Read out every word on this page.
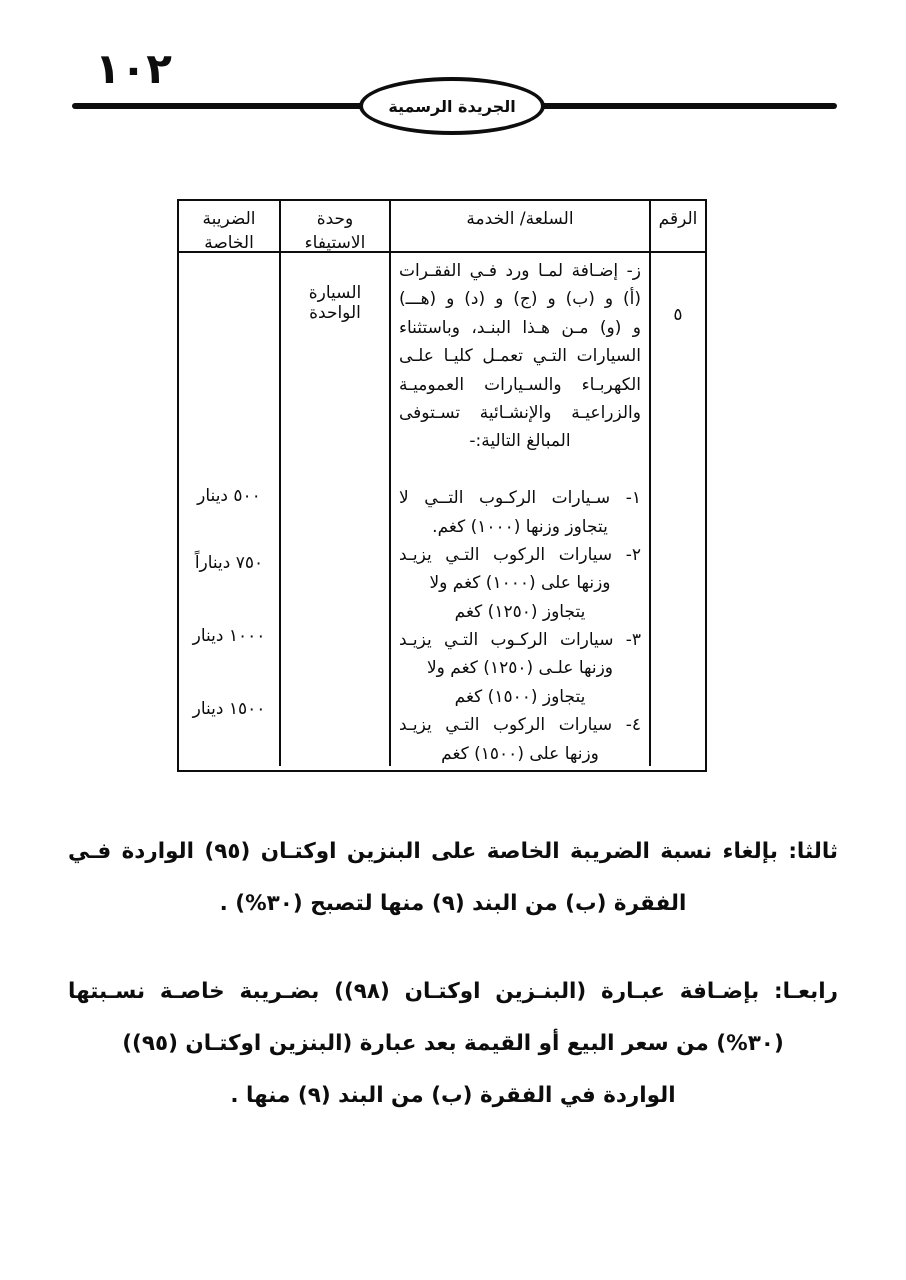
١٠٢
الجريدة الرسمية
الرقم
السلعة/ الخدمة
وحدة الاستيفاء
الضريبة
الخاصة
٥
ز- إضـافة لمـا ورد فـي الفقـرات
(أ) و (ب) و (ج) و (د) و (هـــ)
و (و) مـن هـذا البنـد، وباستثناء
السيارات التـي تعمـل كليـا علـى
الكهربـاء والسـيارات العموميـة
والزراعيـة والإنشـائية تسـتوفى
المبالغ التالية:-
١- سـيارات الركـوب التــي لا
يتجاوز وزنها (١٠٠٠) كغم.
٢- سيارات الركوب التـي يزيـد
وزنها على (١٠٠٠) كغم ولا
يتجاوز (١٢٥٠) كغم
٣- سيارات الركـوب التـي يزيـد
وزنها علـى (١٢٥٠) كغم ولا
يتجاوز (١٥٠٠) كغم
٤- سيارات الركوب التـي يزيـد
وزنها على (١٥٠٠) كغم
السيارة الواحدة
٥٠٠ دينار
٧٥٠ ديناراً
١٠٠٠ دينار
١٥٠٠ دينار
ثالثا: بإلغاء نسبة الضريبة الخاصة على البنزين اوكتـان (٩٥) الواردة فـي
الفقرة (ب) من البند (٩) منها لتصبح (٣٠%) .
رابعـا: بإضـافة عبـارة (البنـزين اوكتـان (٩٨)) بضـريبة خاصـة نسـبتها
(٣٠%) من سعر البيع أو القيمة بعد عبارة (البنزين اوكتـان (٩٥))
الواردة في الفقرة (ب) من البند (٩) منها .
